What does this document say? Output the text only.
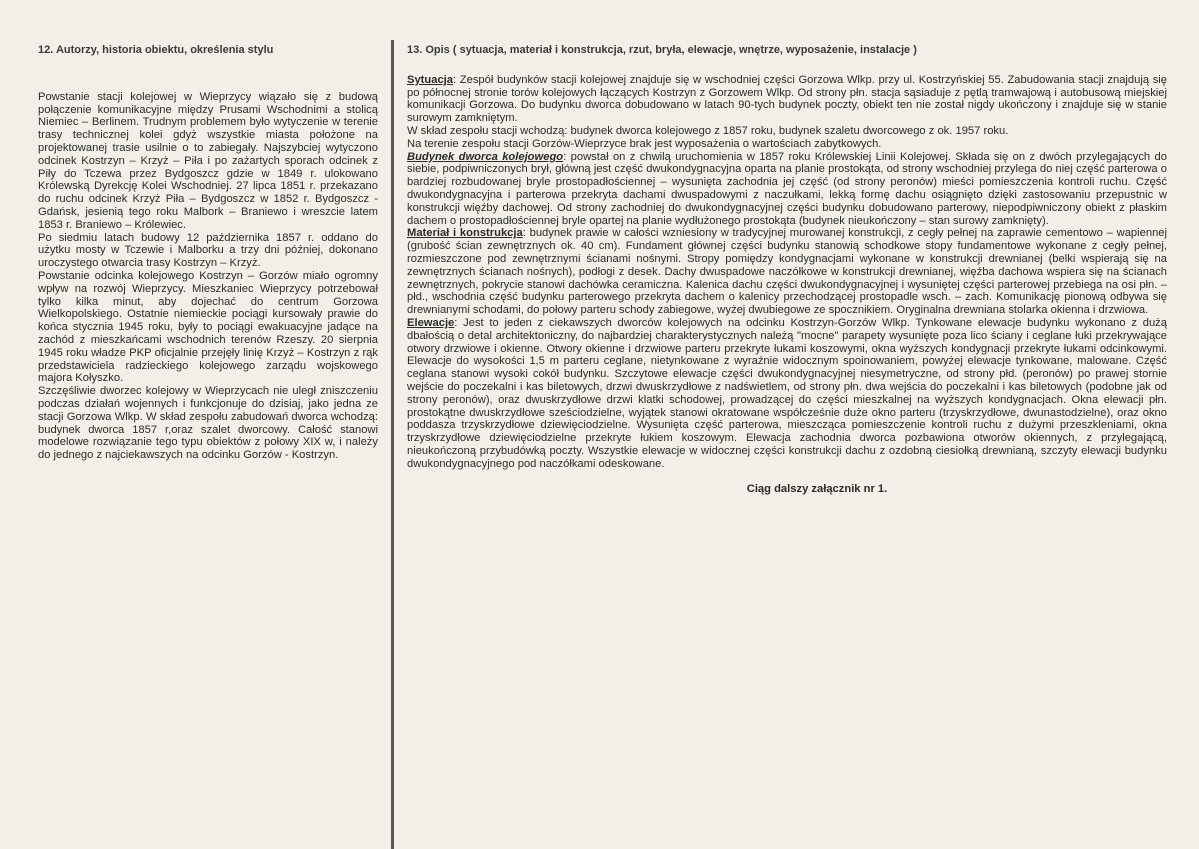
12. Autorzy, historia obiektu, określenia stylu

Powstanie stacji kolejowej w Wieprzycy wiązało się z budową połączenie komunikacyjne między Prusami Wschodnimi a stolicą Niemiec – Berlinem. Trudnym problemem było wytyczenie w terenie trasy technicznej kolei gdyż wszystkie miasta położone na projektowanej trasie usilnie o to zabiegały. Najszybciej wytyczono odcinek Kostrzyn – Krzyż – Piła i po zażartych sporach odcinek z Piły do Tczewa przez Bydgoszcz gdzie w 1849 r. ulokowano Królewską Dyrekcję Kolei Wschodniej. 27 lipca 1851 r. przekazano do ruchu odcinek Krzyż Piła – Bydgoszcz w 1852 r. Bydgoszcz - Gdańsk, jesienią tego roku Malbork – Braniewo i wreszcie latem 1853 r. Braniewo – Królewiec.

Po siedmiu latach budowy 12 października 1857 r. oddano do użytku mosty w Tczewie i Malborku a trzy dni później, dokonano uroczystego otwarcia trasy Kostrzyn – Krzyż.

Powstanie odcinka kolejowego Kostrzyn – Gorzów miało ogromny wpływ na rozwój Wieprzycy. Mieszkaniec Wieprzycy potrzebował tylko kilka minut, aby dojechać do centrum Gorzowa Wielkopolskiego. Ostatnie niemieckie pociągi kursowały prawie do końca stycznia 1945 roku, były to pociągi ewakuacyjne jadące na zachód z mieszkańcami wschodnich terenów Rzeszy. 20 sierpnia 1945 roku władze PKP oficjalnie przejęły linię Krzyż – Kostrzyn z rąk przedstawiciela radzieckiego kolejowego zarządu wojskowego majora Kołyszko.

Szczęśliwie dworzec kolejowy w Wieprzycach nie uległ zniszczeniu podczas działań wojennych i funkcjonuje do dzisiaj, jako jedna ze stacji Gorzowa Wlkp. W skład zespołu zabudowań dworca wchodzą: budynek dworca 1857 r,oraz szalet dworcowy. Całość stanowi modelowe rozwiązanie tego typu obiektów z połowy XIX w, i należy do jednego z najciekawszych na odcinku Gorzów - Kostrzyn.

13. Opis ( sytuacja, materiał i konstrukcja, rzut, bryła, elewacje, wnętrze, wyposażenie, instalacje )

Sytuacja: Zespół budynków stacji kolejowej znajduje się w wschodniej części Gorzowa Wlkp. przy ul. Kostrzyńskiej 55. Zabudowania stacji znajdują się po północnej stronie torów kolejowych łączących Kostrzyn z Gorzowem Wlkp. Od strony płn. stacja sąsiaduje z pętlą tramwajową i autobusową miejskiej komunikacji Gorzowa. Do budynku dworca dobudowano w latach 90-tych budynek poczty, obiekt ten nie został nigdy ukończony i znajduje się w stanie surowym zamkniętym.

W skład zespołu stacji wchodzą: budynek dworca kolejowego z 1857 roku, budynek szaletu dworcowego z ok. 1957 roku.

Na terenie zespołu stacji Gorzów-Wieprzyce brak jest wyposażenia o wartościach zabytkowych.

Budynek dworca kolejowego: powstał on z chwilą uruchomienia w 1857 roku Królewskiej Linii Kolejowej. Składa się on z dwóch przylegających do siebie, podpiwniczonych brył, główną jest część dwukondygnacyjna oparta na planie prostokąta, od strony wschodniej przylega do niej część parterowa o bardziej rozbudowanej bryle prostopadłościennej – wysunięta zachodnia jej część (od strony peronów) mieści pomieszczenia kontroli ruchu. Część dwukondygnacyjna i parterowa przekryta dachami dwuspadowymi z naczułkami, lekką formę dachu osiągnięto dzięki zastosowaniu przepustnic w konstrukcji więźby dachowej. Od strony zachodniej do dwukondygnacyjnej części budynku dobudowano parterowy, niepodpiwniczony obiekt z płaskim dachem o prostopadłościennej bryle opartej na planie wydłużonego prostokąta (budynek nieukończony – stan surowy zamknięty).

Materiał i konstrukcja: budynek prawie w całości wzniesiony w tradycyjnej murowanej konstrukcji, z cegły pełnej na zaprawie cementowo – wapiennej (grubość ścian zewnętrznych ok. 40 cm). Fundament głównej części budynku stanowią schodkowe stopy fundamentowe wykonane z cegły pełnej, rozmieszczone pod zewnętrznymi ścianami nośnymi. Stropy pomiędzy kondygnacjami wykonane w konstrukcji drewnianej (belki wspierają się na zewnętrznych ścianach nośnych), podłogi z desek. Dachy dwuspadowe naczółkowe w konstrukcji drewnianej, więźba dachowa wspiera się na ścianach zewnętrznych, pokrycie stanowi dachówka ceramiczna. Kalenica dachu części dwukondygnacyjnej i wysuniętej części parterowej przebiega na osi płn. – płd., wschodnia część budynku parterowego przekryta dachem o kalenicy przechodzącej prostopadle wsch. – zach. Komunikację pionową odbywa się drewnianymi schodami, do połowy parteru schody zabiegowe, wyżej dwubiegowe ze spocznikiem. Oryginalna drewniana stolarka okienna i drzwiowa.

Elewacje: Jest to jeden z ciekawszych dworców kolejowych na odcinku Kostrzyn-Gorzów Wlkp. Tynkowane elewacje budynku wykonano z dużą dbałością o detal architektoniczny, do najbardziej charakterystycznych należą "mocne" parapety wysunięte poza lico ściany i ceglane łuki przekrywające otwory drzwiowe i okienne. Otwory okienne i drzwiowe parteru przekryte łukami koszowymi, okna wyższych kondygnacji przekryte łukami odcinkowymi. Elewacje do wysokości 1,5 m parteru ceglane, nietynkowane z wyraźnie widocznym spoinowaniem, powyżej elewacje tynkowane, malowane. Część ceglana stanowi wysoki cokół budynku. Szczytowe elewacje części dwukondygnacyjnej niesymetryczne, od strony płd. (peronów) po prawej stornie wejście do poczekalni i kas biletowych, drzwi dwuskrzydłowe z nadświetlem, od strony płn. dwa wejścia do poczekalni i kas biletowych (podobne jak od strony peronów), oraz dwuskrzydłowe drzwi klatki schodowej, prowadzącej do części mieszkalnej na wyższych kondygnacjach. Okna elewacji płn. prostokątne dwuskrzydłowe sześciodzielne, wyjątek stanowi okratowane współcześnie duże okno parteru (trzyskrzydłowe, dwunastodzielne), oraz okno poddasza trzyskrzydłowe dziewięciodzielne. Wysunięta część parterowa, mieszcząca pomieszczenie kontroli ruchu z dużymi przeszkleniami, okna trzyskrzydłowe dziewięciodzielne przekryte łukiem koszowym. Elewacja zachodnia dworca pozbawiona otworów okiennych, z przylegającą, nieukończoną przybudówką poczty. Wszystkie elewacje w widocznej części konstrukcji dachu z ozdobną ciesiołką drewnianą, szczyty elewacji budynku dwukondygnacyjnego pod naczółkami odeskowane.

Ciąg dalszy załącznik nr 1.
